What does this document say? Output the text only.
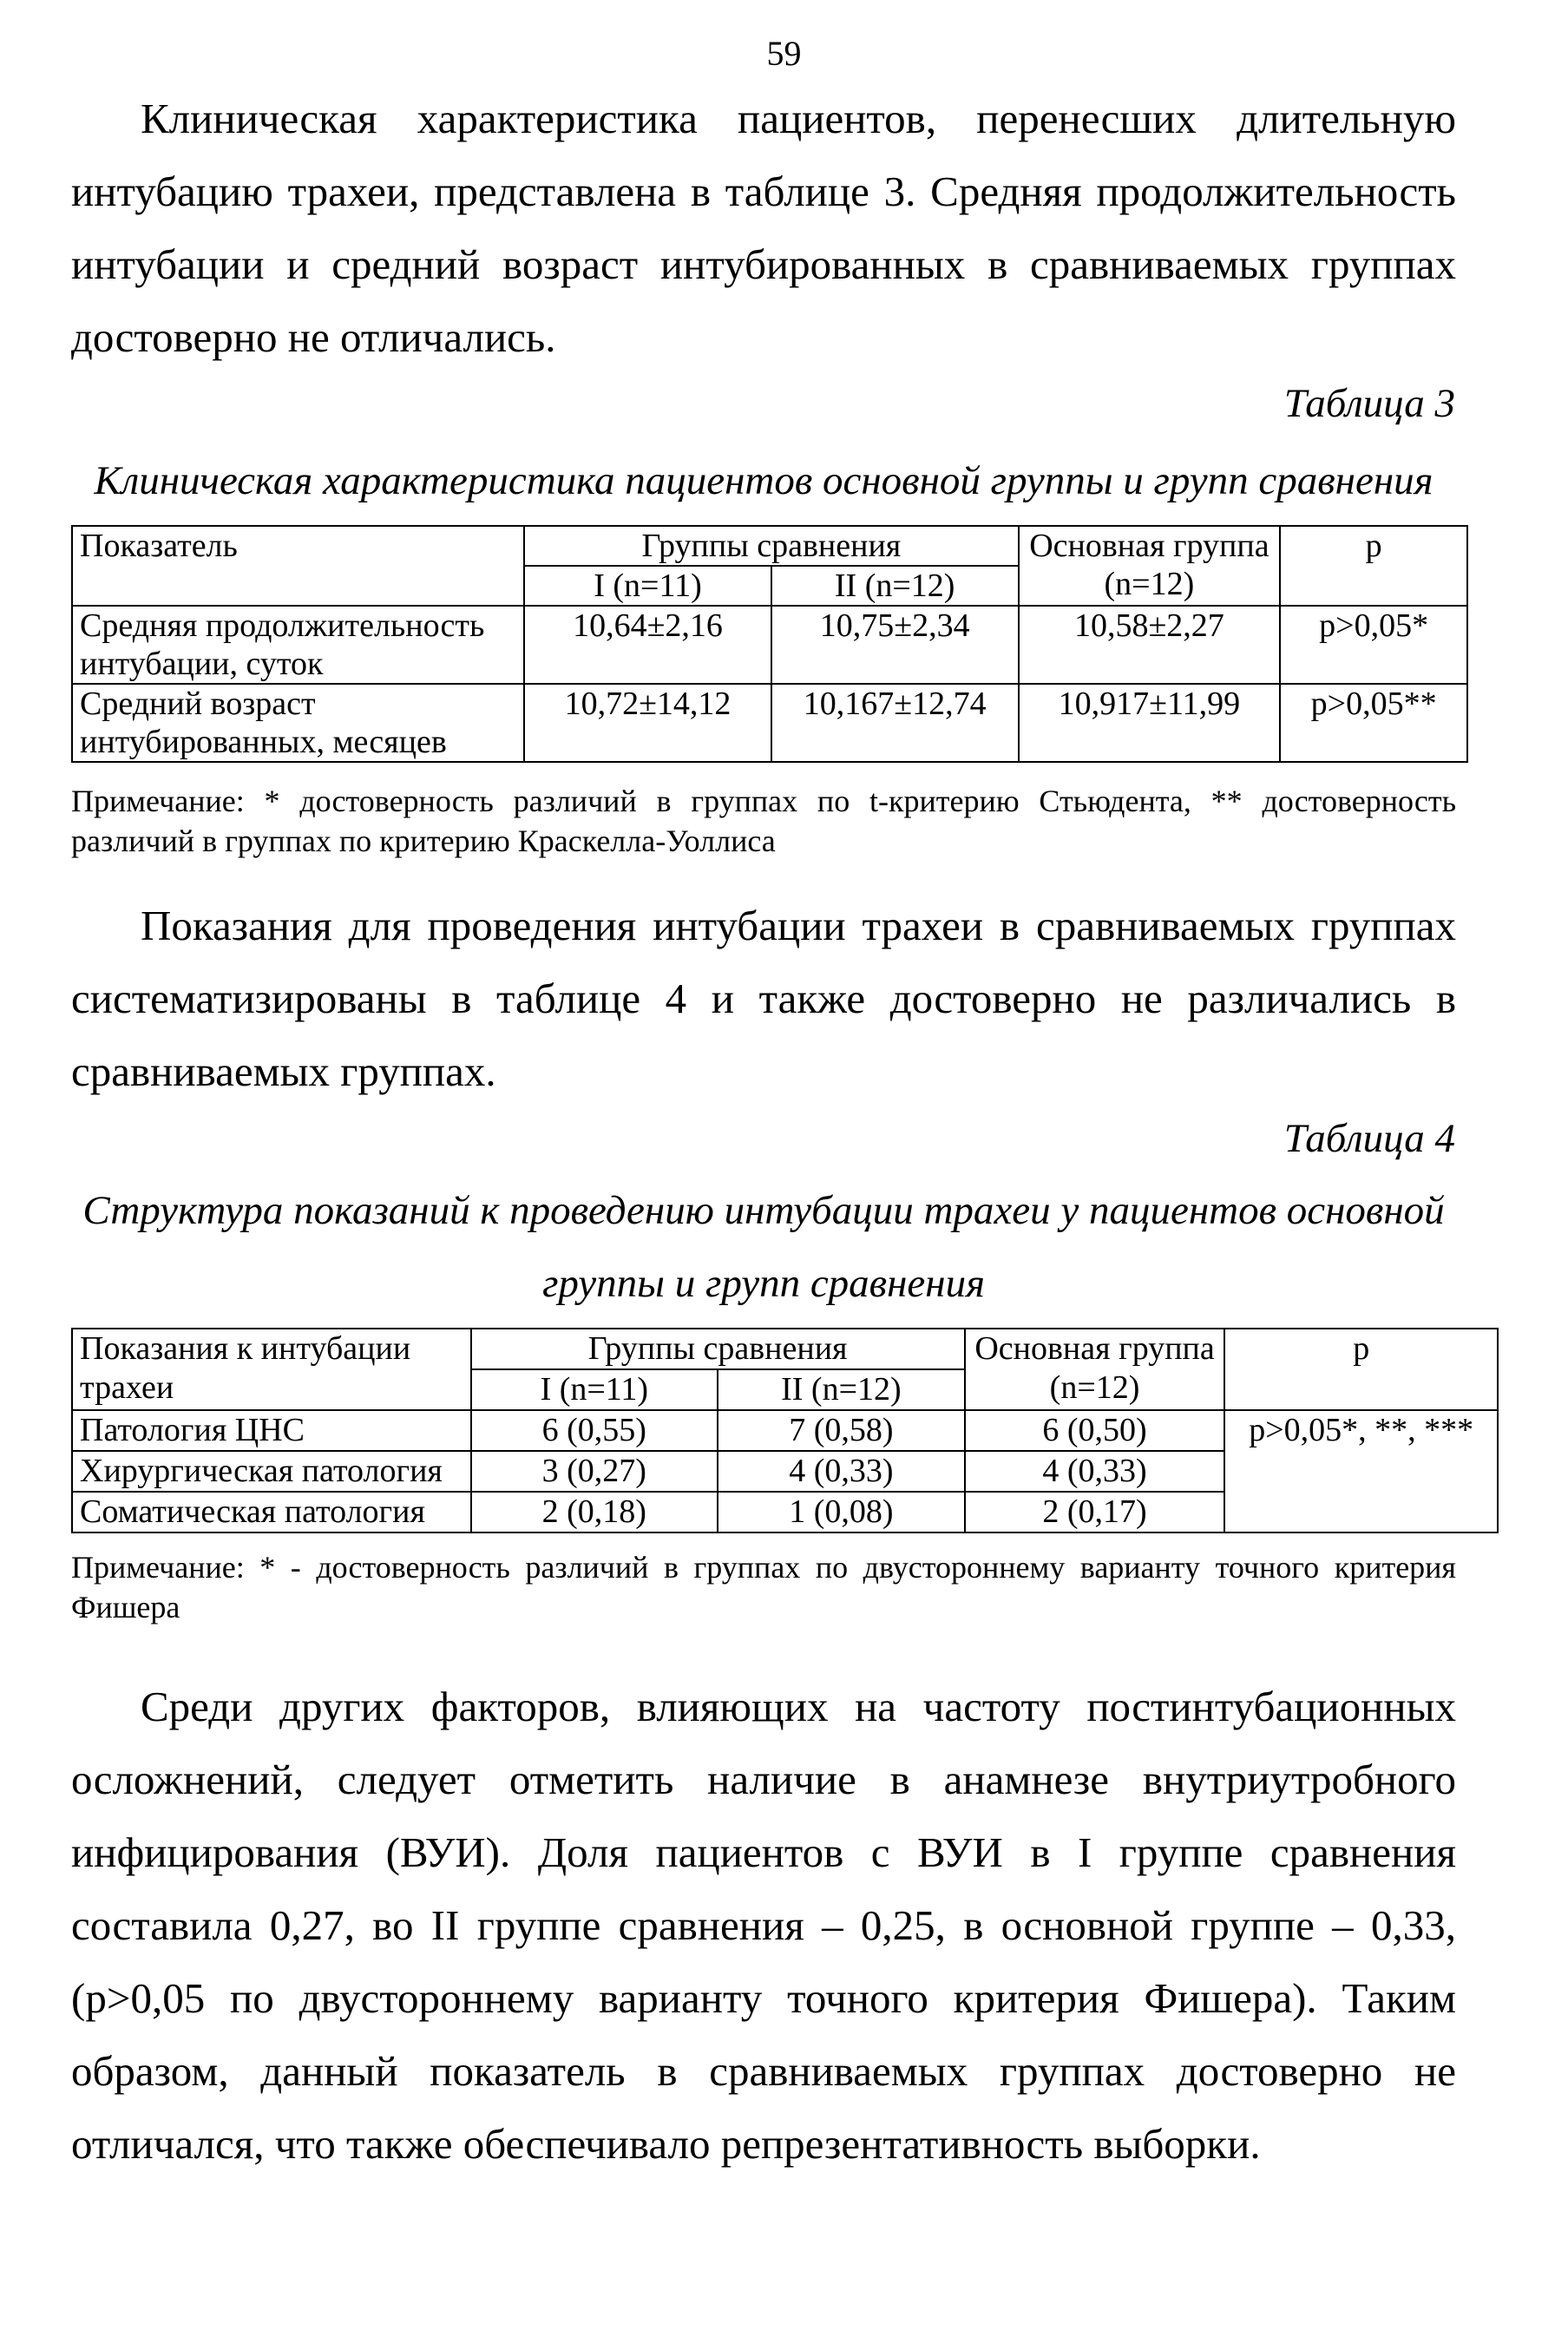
59

Клиническая характеристика пациентов, перенесших длительную интубацию трахеи, представлена в таблице 3. Средняя продолжительность интубации и средний возраст интубированных в сравниваемых группах достоверно не отличались.

Таблица 3

Клиническая характеристика пациентов основной группы и групп сравнения

Показатель	Группы сравнения		Основная группа (n=12)	p
	I (n=11)	II (n=12)		
Средняя продолжительность интубации, суток	10,64±2,16	10,75±2,34	10,58±2,27	p>0,05*
Средний возраст интубированных, месяцев	10,72±14,12	10,167±12,74	10,917±11,99	p>0,05**

Примечание: * достоверность различий в группах по t-критерию Стьюдента, ** достоверность различий в группах по критерию Краскелла-Уоллиса

Показания для проведения интубации трахеи в сравниваемых группах систематизированы в таблице 4 и также достоверно не различались в сравниваемых группах.

Таблица 4

Структура показаний к проведению интубации трахеи у пациентов основной

группы и групп сравнения

Показания к интубации трахеи	Группы сравнения		Основная группа (n=12)	p
	I (n=11)	II (n=12)		
Патология ЦНС	6 (0,55)	7 (0,58)	6 (0,50)	p>0,05*, **, ***
Хирургическая патология	3 (0,27)	4 (0,33)	4 (0,33)	
Соматическая патология	2 (0,18)	1 (0,08)	2 (0,17)	

Примечание: * - достоверность различий в группах по двустороннему варианту точного критерия Фишера

Среди других факторов, влияющих на частоту постинтубационных осложнений, следует отметить наличие в анамнезе внутриутробного инфицирования (ВУИ). Доля пациентов с ВУИ в I группе сравнения составила 0,27, во II группе сравнения – 0,25, в основной группе – 0,33, (p>0,05 по двустороннему варианту точного критерия Фишера). Таким образом, данный показатель в сравниваемых группах достоверно не отличался, что также обеспечивало репрезентативность выборки.
